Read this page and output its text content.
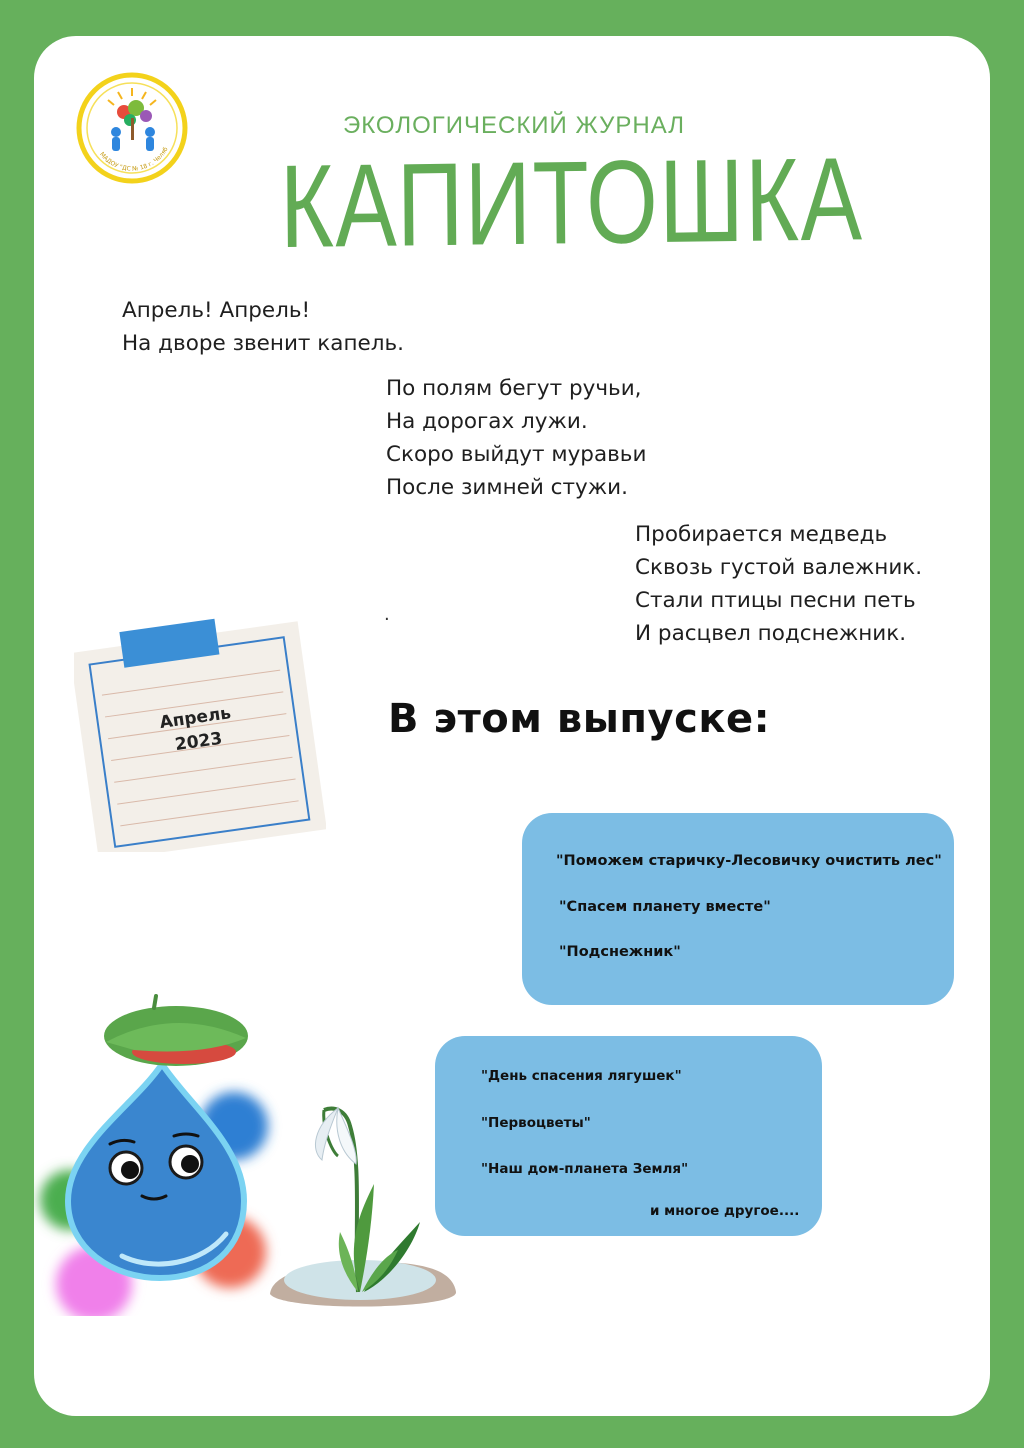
МАДОУ "ДС № 18 г. Челяб
ЭКОЛОГИЧЕСКИЙ ЖУРНАЛ
КАПИТОШКА
Апрель! Апрель!
На дворе звенит капель.
По полям бегут ручьи,
На дорогах лужи.
Скоро выйдут муравьи
После зимней стужи.
Пробирается медведь
Сквозь густой валежник.
Стали птицы песни петь
И расцвел подснежник.
.
Апрель
2023	В этом выпуске:
"Поможем старичку-Лесовичку очистить лес"
"Спасем планету вместе"
"Подснежник"
"День спасения лягушек"
"Первоцветы"
"Наш дом-планета Земля"
и многое другое....
